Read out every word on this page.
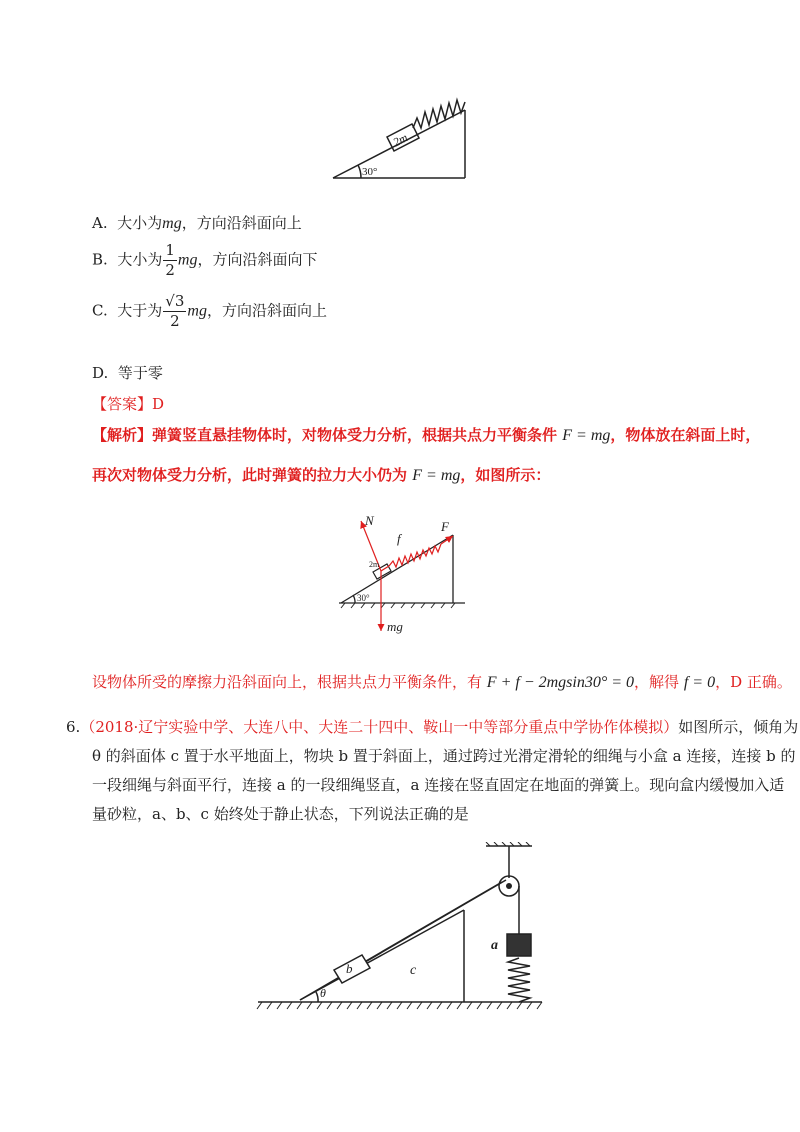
2m
30°
A. 大小为mg，方向沿斜面向上
B. 大小为 $\frac{1}{2}$ mg，方向沿斜面向下
C. 大于为 $\frac{√3}{2}$ mg，方向沿斜面向上
D. 等于零
【答案】D
【解析】弹簧竖直悬挂物体时，对物体受力分析，根据共点力平衡条件 F = mg，物体放在斜面上时，
再次对物体受力分析，此时弹簧的拉力大小仍为 F = mg，如图所示：
N
f
F
2m
30°
mg
设物体所受的摩擦力沿斜面向上，根据共点力平衡条件，有 F + f − 2mgsin30° = 0，解得 f = 0，D 正确。
6.（2018·辽宁实验中学、大连八中、大连二十四中、鞍山一中等部分重点中学协作体模拟）如图所示，倾角为
θ 的斜面体 c 置于水平地面上，物块 b 置于斜面上，通过跨过光滑定滑轮的细绳与小盒 a 连接，连接 b 的
一段细绳与斜面平行，连接 a 的一段细绳竖直，a 连接在竖直固定在地面的弹簧上。现向盒内缓慢加入适
量砂粒，a、b、c 始终处于静止状态，下列说法正确的是
a
b	c
θ
